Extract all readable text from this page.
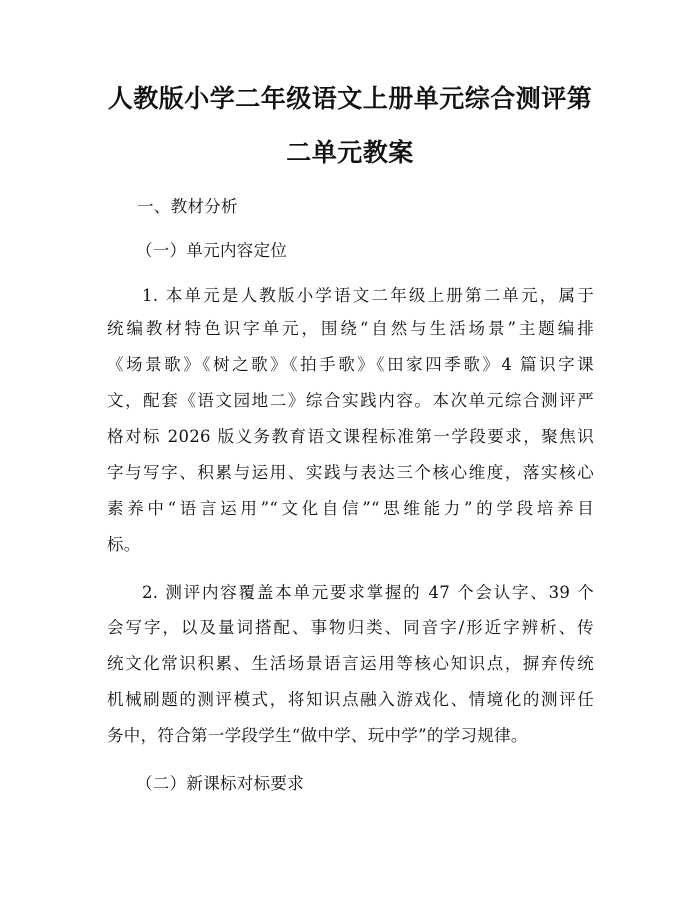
人教版小学二年级语文上册单元综合测评第
二单元教案
一、教材分析
（一）单元内容定位
1. 本单元是人教版小学语文二年级上册第二单元，属于
统编教材特色识字单元，围绕“自然与生活场景”主题编排
《场景歌》《树之歌》《拍手歌》《田家四季歌》4 篇识字课
文，配套《语文园地二》综合实践内容。本次单元综合测评严
格对标 2026 版义务教育语文课程标准第一学段要求，聚焦识
字与写字、积累与运用、实践与表达三个核心维度，落实核心
素养中“语言运用”“文化自信”“思维能力”的学段培养目
标。
2. 测评内容覆盖本单元要求掌握的 47 个会认字、39 个
会写字，以及量词搭配、事物归类、同音字/形近字辨析、传
统文化常识积累、生活场景语言运用等核心知识点，摒弃传统
机械刷题的测评模式，将知识点融入游戏化、情境化的测评任
务中，符合第一学段学生“做中学、玩中学”的学习规律。
（二）新课标对标要求
